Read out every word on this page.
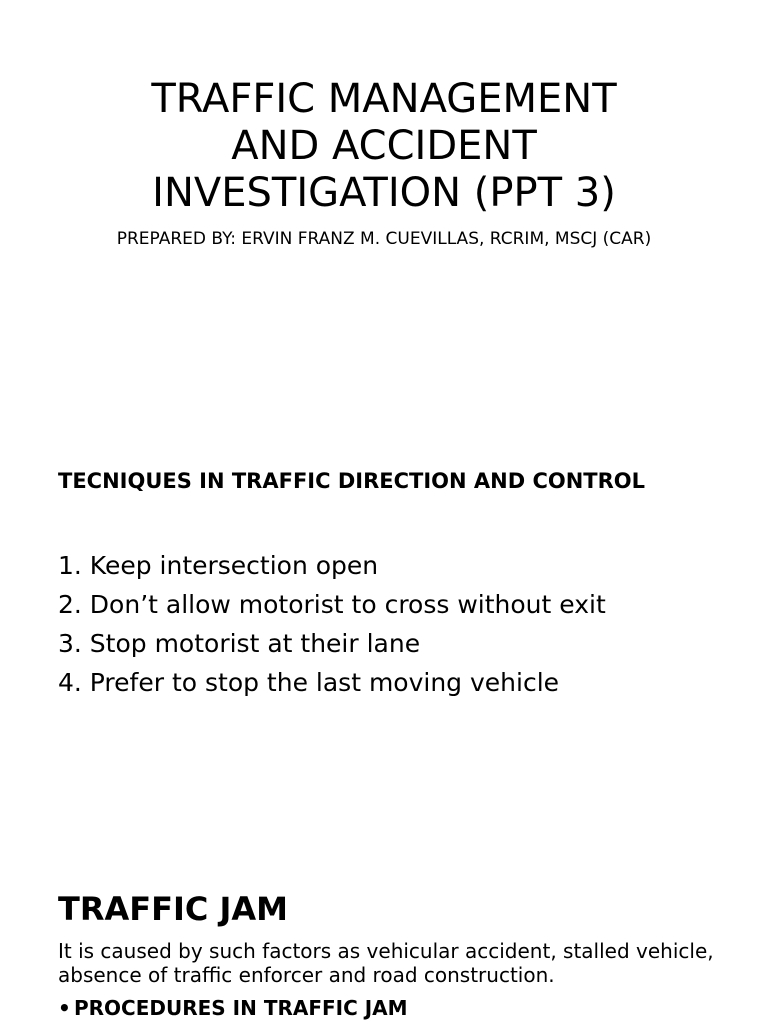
TRAFFIC MANAGEMENT
AND ACCIDENT
INVESTIGATION (PPT 3)
PREPARED BY: ERVIN FRANZ M. CUEVILLAS, RCRIM, MSCJ (CAR)
TECNIQUES IN TRAFFIC DIRECTION AND CONTROL
1. Keep intersection open
2. Don’t allow motorist to cross without exit
3. Stop motorist at their lane
4. Prefer to stop the last moving vehicle
TRAFFIC JAM

It is caused by such factors as vehicular accident, stalled vehicle, absence of traffic enforcer and road construction.

• PROCEDURES IN TRAFFIC JAM
